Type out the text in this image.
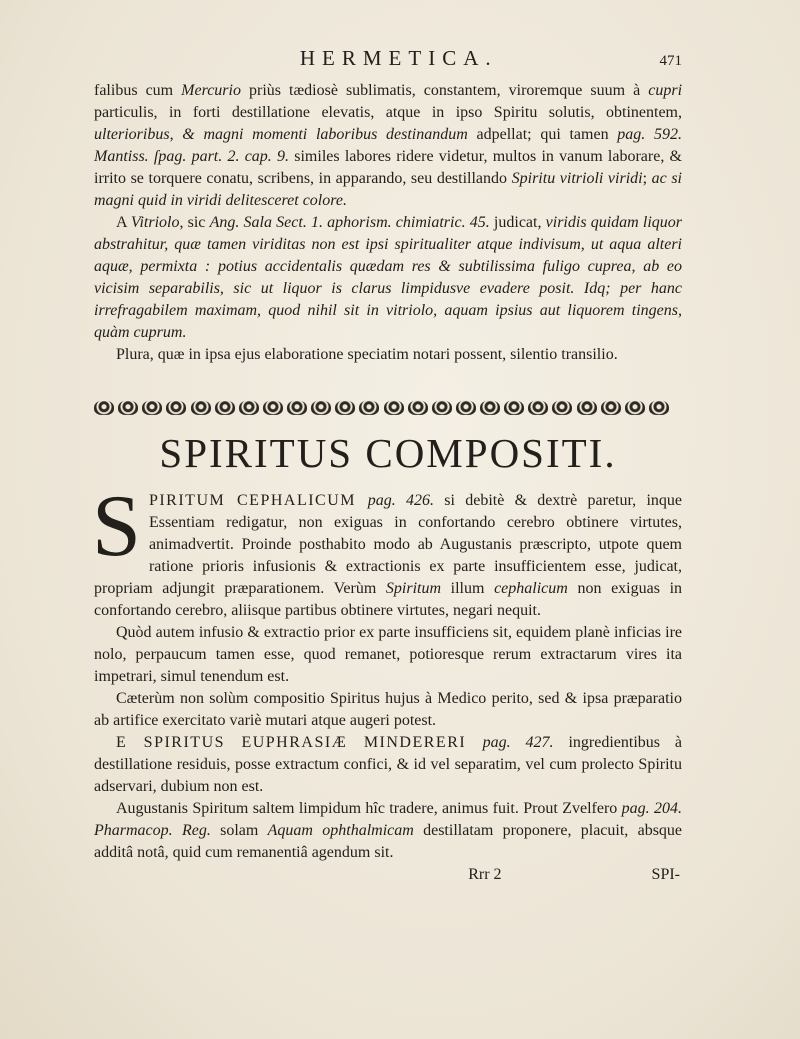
HERMETICA.	471

falibus cum Mercurio priùs tædiosè sublimatis, constantem, viroremque suum à cupri particulis, in forti destillatione elevatis, atque in ipso Spiritu solutis, obtinentem, ulterioribus, & magni momenti laboribus destinandum adpellat; qui tamen pag. 592. Mantiss. ſpag. part. 2. cap. 9. similes labores ridere videtur, multos in vanum laborare, & irrito se torquere conatu, scribens, in apparando, seu destillando Spiritu vitrioli viridi; ac si magni quid in viridi delitesceret colore.

A Vitriolo, sic Ang. Sala Sect. 1. aphorism. chimiatric. 45. judicat, viridis quidam liquor abstrahitur, quæ tamen viriditas non est ipsi spiritualiter atque indivisum, ut aqua alteri aquæ, permixta : potius accidentalis quædam res & subtilissima fuligo cuprea, ab eo vicisim separabilis, sic ut liquor is clarus limpidusve evadere posit. Idq; per hanc irrefragabilem maximam, quod nihil sit in vitriolo, aquam ipsius aut liquorem tingens, quàm cuprum.

Plura, quæ in ipsa ejus elaboratione speciatim notari possent, silentio transilio.

SPIRITUS COMPOSITI.

SPIRITUM CEPHALICUM pag. 426. si debitè & dextrè paretur, inque Essentiam redigatur, non exiguas in confortando cerebro obtinere virtutes, animadvertit. Proinde posthabito modo ab Augustanis præscripto, utpote quem ratione prioris infusionis & extractionis ex parte insufficientem esse, judicat, propriam adjungit præparationem. Verùm Spiritum illum cephalicum non exiguas in confortando cerebro, aliisque partibus obtinere virtutes, negari nequit.

Quòd autem infusio & extractio prior ex parte insufficiens sit, equidem planè inficias ire nolo, perpaucum tamen esse, quod remanet, potioresque rerum extractarum vires ita impetrari, simul tenendum est.

Cæterùm non solùm compositio Spiritus hujus à Medico perito, sed & ipsa præparatio ab artifice exercitato variè mutari atque augeri potest.

E SPIRITUS EUPHRASIÆ MINDERERI pag. 427. ingredientibus à destillatione residuis, posse extractum confici, & id vel separatim, vel cum prolecto Spiritu adservari, dubium non est.

Augustanis Spiritum saltem limpidum hîc tradere, animus fuit. Prout Zvelfero pag. 204. Pharmacop. Reg. solam Aquam ophthalmicam destillatam proponere, placuit, absque additâ notâ, quid cum remanentiâ agendum sit.

Rrr 2	SPI-
